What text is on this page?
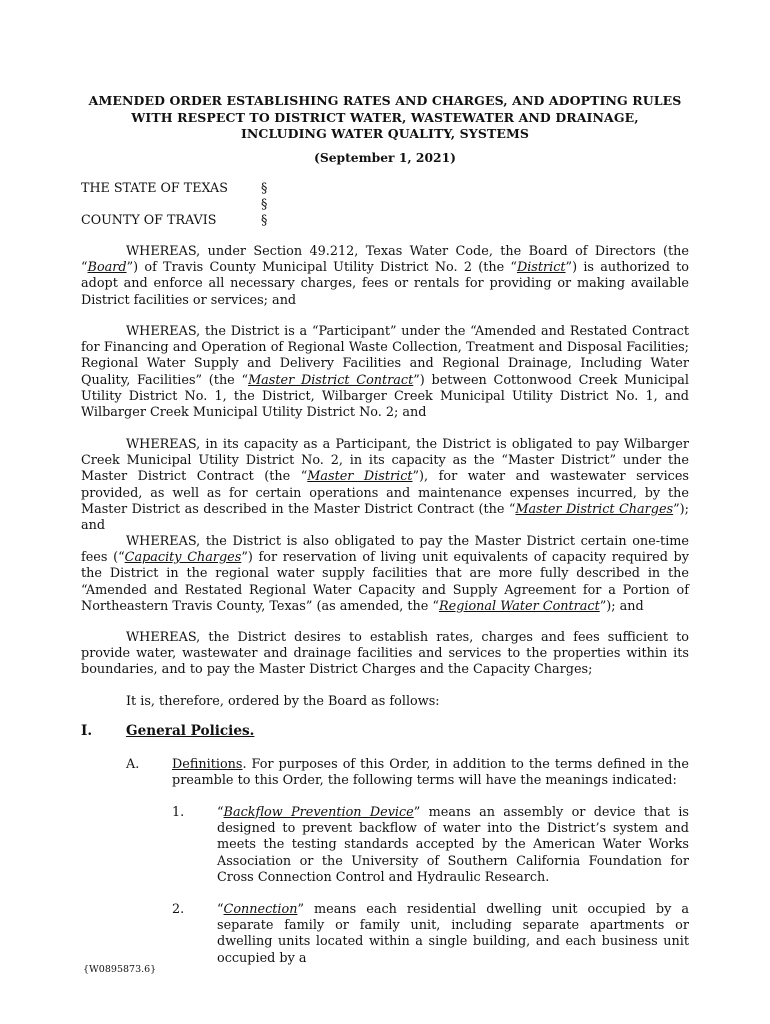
AMENDED ORDER ESTABLISHING RATES AND CHARGES, AND ADOPTING RULES
WITH RESPECT TO DISTRICT WATER, WASTEWATER AND DRAINAGE,
INCLUDING WATER QUALITY, SYSTEMS
(September 1, 2021)
THE STATE OF TEXAS	§
§
COUNTY OF TRAVIS	§

WHEREAS, under Section 49.212, Texas Water Code, the Board of Directors (the “Board”) of Travis County Municipal Utility District No. 2 (the “District”) is authorized to adopt and enforce all necessary charges, fees or rentals for providing or making available District facilities or services; and

WHEREAS, the District is a “Participant” under the “Amended and Restated Contract for Financing and Operation of Regional Waste Collection, Treatment and Disposal Facilities; Regional Water Supply and Delivery Facilities and Regional Drainage, Including Water Quality, Facilities” (the “Master District Contract”) between Cottonwood Creek Municipal Utility District No. 1, the District, Wilbarger Creek Municipal Utility District No. 1, and Wilbarger Creek Municipal Utility District No. 2; and

WHEREAS, in its capacity as a Participant, the District is obligated to pay Wilbarger Creek Municipal Utility District No. 2, in its capacity as the “Master District” under the Master District Contract (the “Master District”), for water and wastewater services provided, as well as for certain operations and maintenance expenses incurred, by the Master District as described in the Master District Contract (the “Master District Charges”); and

WHEREAS, the District is also obligated to pay the Master District certain one-time fees (“Capacity Charges”) for reservation of living unit equivalents of capacity required by the District in the regional water supply facilities that are more fully described in the “Amended and Restated Regional Water Capacity and Supply Agreement for a Portion of Northeastern Travis County, Texas” (as amended, the “Regional Water Contract”); and

WHEREAS, the District desires to establish rates, charges and fees sufficient to provide water, wastewater and drainage facilities and services to the properties within its boundaries, and to pay the Master District Charges and the Capacity Charges;

It is, therefore, ordered by the Board as follows:

I. General Policies.
A.	Definitions. For purposes of this Order, in addition to the terms defined in the preamble to this Order, the following terms will have the meanings indicated:
1.	“Backflow Prevention Device” means an assembly or device that is designed to prevent backflow of water into the District’s system and meets the testing standards accepted by the American Water Works Association or the University of Southern California Foundation for Cross Connection Control and Hydraulic Research.
2.	“Connection” means each residential dwelling unit occupied by a separate family or family unit, including separate apartments or dwelling units located within a single building, and each business unit occupied by a
{W0895873.6}
